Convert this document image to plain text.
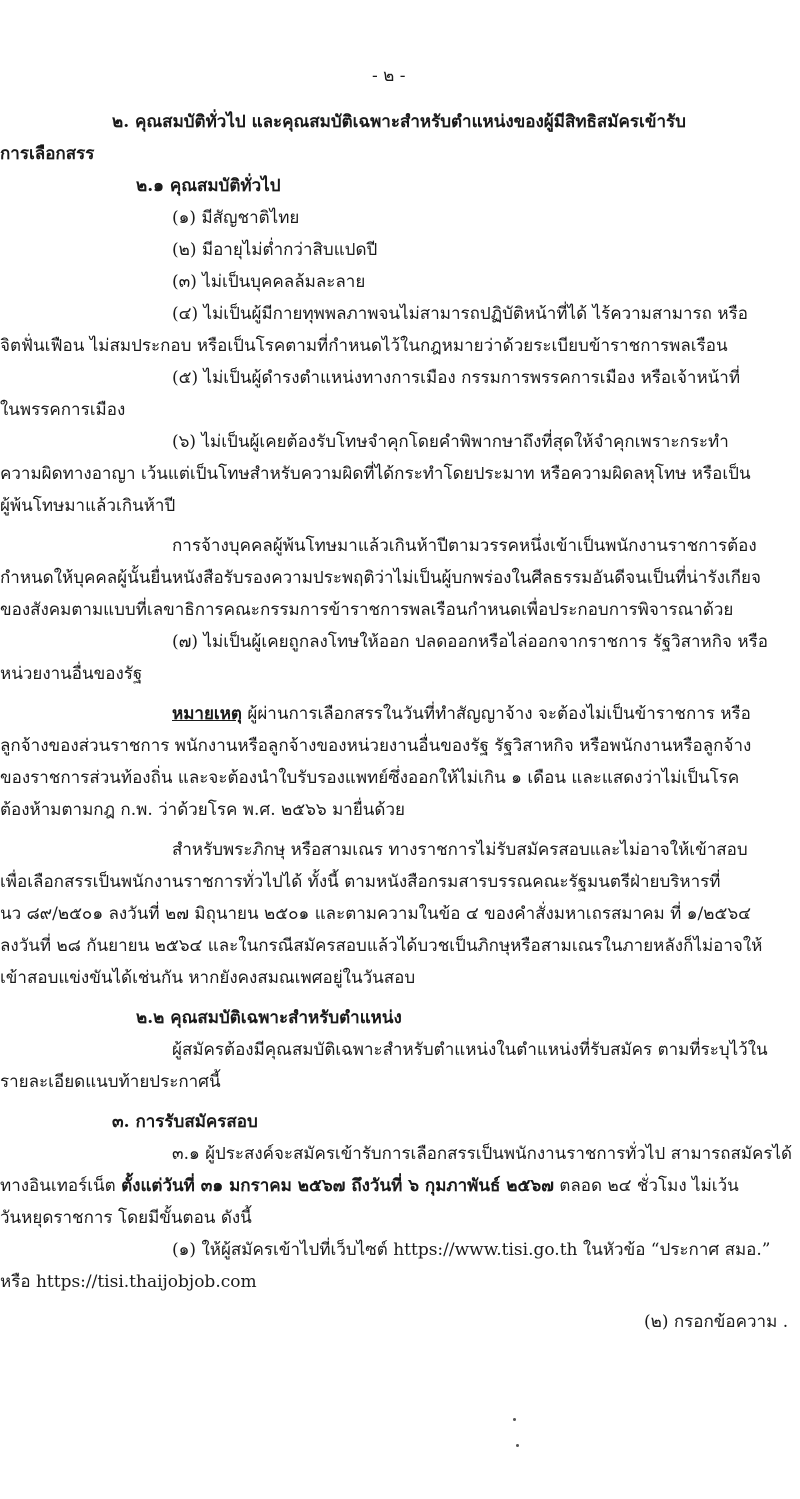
- ๒ -
๒. คุณสมบัติทั่วไป และคุณสมบัติเฉพาะสำหรับตำแหน่งของผู้มีสิทธิสมัครเข้ารับ
การเลือกสรร
๒.๑ คุณสมบัติทั่วไป
(๑) มีสัญชาติไทย
(๒) มีอายุไม่ต่ำกว่าสิบแปดปี
(๓) ไม่เป็นบุคคลล้มละลาย
(๔) ไม่เป็นผู้มีกายทุพพลภาพจนไม่สามารถปฏิบัติหน้าที่ได้ ไร้ความสามารถ หรือ
จิตฟั่นเฟือน ไม่สมประกอบ หรือเป็นโรคตามที่กำหนดไว้ในกฎหมายว่าด้วยระเบียบข้าราชการพลเรือน
(๕) ไม่เป็นผู้ดำรงตำแหน่งทางการเมือง กรรมการพรรคการเมือง หรือเจ้าหน้าที่
ในพรรคการเมือง
(๖) ไม่เป็นผู้เคยต้องรับโทษจำคุกโดยคำพิพากษาถึงที่สุดให้จำคุกเพราะกระทำ
ความผิดทางอาญา เว้นแต่เป็นโทษสำหรับความผิดที่ได้กระทำโดยประมาท หรือความผิดลหุโทษ หรือเป็น
ผู้พ้นโทษมาแล้วเกินห้าปี
การจ้างบุคคลผู้พ้นโทษมาแล้วเกินห้าปีตามวรรคหนึ่งเข้าเป็นพนักงานราชการต้อง
กำหนดให้บุคคลผู้นั้นยื่นหนังสือรับรองความประพฤติว่าไม่เป็นผู้บกพร่องในศีลธรรมอันดีจนเป็นที่น่ารังเกียจ
ของสังคมตามแบบที่เลขาธิการคณะกรรมการข้าราชการพลเรือนกำหนดเพื่อประกอบการพิจารณาด้วย
(๗) ไม่เป็นผู้เคยถูกลงโทษให้ออก ปลดออกหรือไล่ออกจากราชการ รัฐวิสาหกิจ หรือ
หน่วยงานอื่นของรัฐ
หมายเหตุ ผู้ผ่านการเลือกสรรในวันที่ทำสัญญาจ้าง จะต้องไม่เป็นข้าราชการ หรือ
ลูกจ้างของส่วนราชการ พนักงานหรือลูกจ้างของหน่วยงานอื่นของรัฐ รัฐวิสาหกิจ หรือพนักงานหรือลูกจ้าง
ของราชการส่วนท้องถิ่น และจะต้องนำใบรับรองแพทย์ซึ่งออกให้ไม่เกิน ๑ เดือน และแสดงว่าไม่เป็นโรค
ต้องห้ามตามกฎ ก.พ. ว่าด้วยโรค พ.ศ. ๒๕๖๖ มายื่นด้วย
สำหรับพระภิกษุ หรือสามเณร ทางราชการไม่รับสมัครสอบและไม่อาจให้เข้าสอบ
เพื่อเลือกสรรเป็นพนักงานราชการทั่วไปได้ ทั้งนี้ ตามหนังสือกรมสารบรรณคณะรัฐมนตรีฝ่ายบริหารที่
นว ๘๙/๒๕๐๑ ลงวันที่ ๒๗ มิถุนายน ๒๕๐๑ และตามความในข้อ ๔ ของคำสั่งมหาเถรสมาคม ที่ ๑/๒๕๖๔
ลงวันที่ ๒๘ กันยายน ๒๕๖๔ และในกรณีสมัครสอบแล้วได้บวชเป็นภิกษุหรือสามเณรในภายหลังก็ไม่อาจให้
เข้าสอบแข่งขันได้เช่นกัน หากยังคงสมณเพศอยู่ในวันสอบ
๒.๒ คุณสมบัติเฉพาะสำหรับตำแหน่ง
ผู้สมัครต้องมีคุณสมบัติเฉพาะสำหรับตำแหน่งในตำแหน่งที่รับสมัคร ตามที่ระบุไว้ใน
รายละเอียดแนบท้ายประกาศนี้
๓. การรับสมัครสอบ
๓.๑ ผู้ประสงค์จะสมัครเข้ารับการเลือกสรรเป็นพนักงานราชการทั่วไป สามารถสมัครได้
ทางอินเทอร์เน็ต ตั้งแต่วันที่ ๓๑ มกราคม ๒๕๖๗ ถึงวันที่ ๖ กุมภาพันธ์ ๒๕๖๗ ตลอด ๒๔ ชั่วโมง ไม่เว้น
วันหยุดราชการ โดยมีขั้นตอน ดังนี้
(๑) ให้ผู้สมัครเข้าไปที่เว็บไซต์ https://www.tisi.go.th ในหัวข้อ “ประกาศ สมอ.”
หรือ https://tisi.thaijobjob.com
(๒) กรอกข้อความ .
